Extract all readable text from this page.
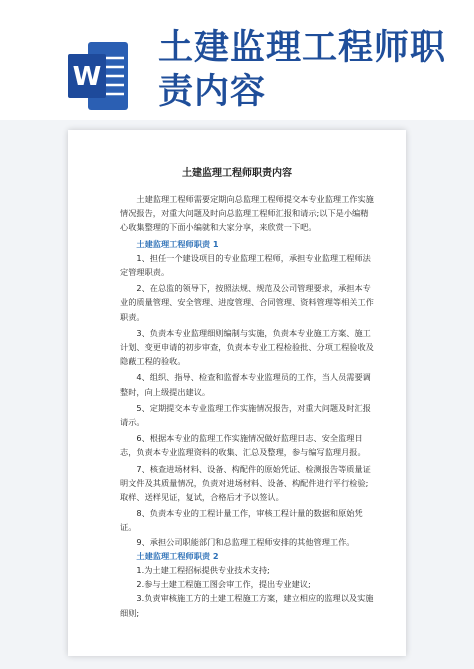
W
土建监理工程师职责内容
土建监理工程师职责内容

土建监理工程师需要定期向总监理工程师提交本专业监理工作实施情况报告，对重大问题及时向总监理工程师汇报和请示;以下是小编精心收集整理的下面小编就和大家分享，来欣赏一下吧。

土建监理工程师职责 1

1、担任一个建设项目的专业监理工程师，承担专业监理工程师法定管理职责。

2、在总监的领导下，按照法规、规范及公司管理要求，承担本专业的质量管理、安全管理、进度管理、合同管理、资料管理等相关工作职责。

3、负责本专业监理细则编制与实施，负责本专业施工方案、施工计划、变更申请的初步审查，负责本专业工程检验批、分项工程验收及隐蔽工程的验收。

4、组织、指导、检查和监督本专业监理员的工作，当人员需要调整时，向上级提出建议。

5、定期提交本专业监理工作实施情况报告，对重大问题及时汇报请示。

6、根据本专业的监理工作实施情况做好监理日志、安全监理日志，负责本专业监理资料的收集、汇总及整理，参与编写监理月报。

7、核查进场材料、设备、构配件的原始凭证、检测报告等质量证明文件及其质量情况，负责对进场材料、设备、构配件进行平行检验;取样、送样见证，复试，合格后才予以签认。

8、负责本专业的工程计量工作，审核工程计量的数据和原始凭证。

9、承担公司职能部门和总监理工程师安排的其他管理工作。

土建监理工程师职责 2

1.为土建工程招标提供专业技术支持;

2.参与土建工程施工图会审工作，提出专业建议;

3.负责审核施工方的土建工程施工方案，建立相应的监理以及实施细则;
